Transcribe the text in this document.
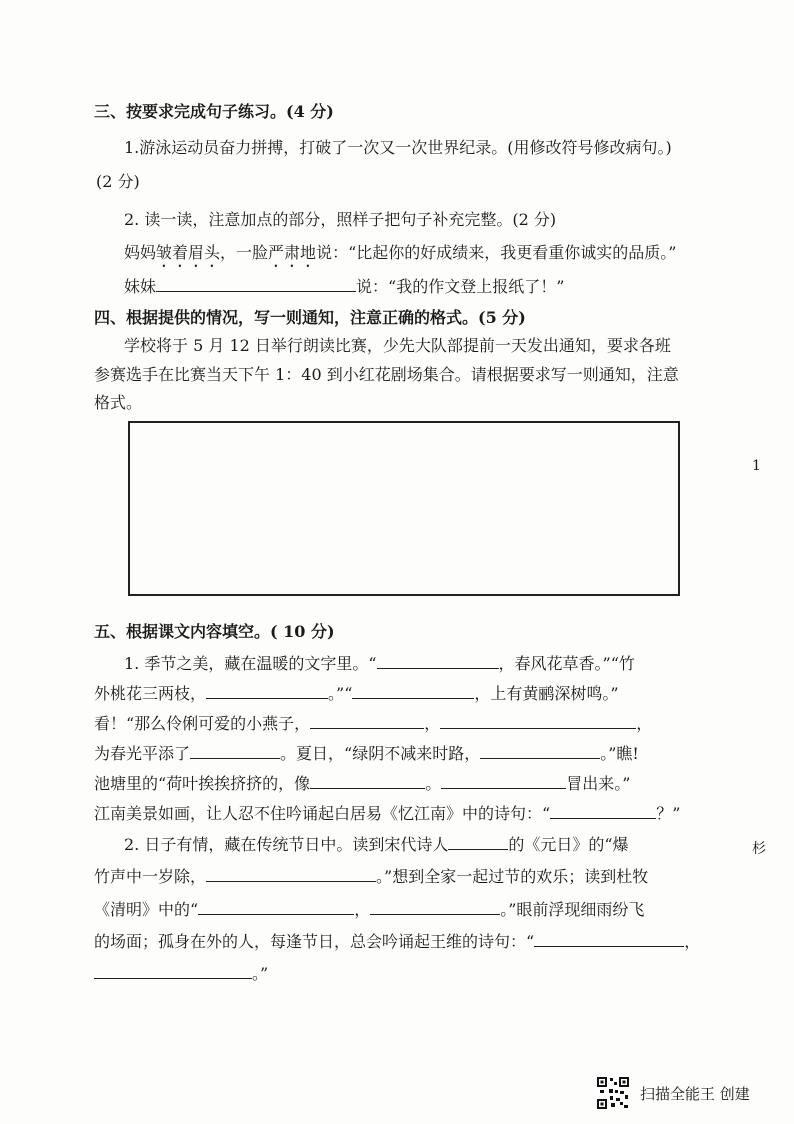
三、按要求完成句子练习。(4 分)
1.游泳运动员奋力拼搏，打破了一次又一次世界纪录。(用修改符号修改病句。)
(2 分)
2. 读一读，注意加点的部分，照样子把句子补充完整。(2 分)
妈妈皱着眉头，一脸严肃地说：“比起你的好成绩来，我更看重你诚实的品质。”
妹妹	说：“我的作文登上报纸了！”
四、根据提供的情况，写一则通知，注意正确的格式。(5 分)
学校将于 5 月 12 日举行朗读比赛，少先大队部提前一天发出通知，要求各班
参赛选手在比赛当天下午 1：40 到小红花剧场集合。请根据要求写一则通知，注意
格式。
五、根据课文内容填空。( 10 分)
1. 季节之美，藏在温暖的文字里。“	，春风花草香。”“竹
外桃花三两枝，	。”“	，上有黄鹂深树鸣。”
看！“那么伶俐可爱的小燕子，	，	，
为春光平添了	。夏日，“绿阴不减来时路，	。”瞧!
池塘里的“荷叶挨挨挤挤的，像	。	冒出来。”
江南美景如画，让人忍不住吟诵起白居易《忆江南》中的诗句：“	？”
2. 日子有情，藏在传统节日中。读到宋代诗人	的《元日》的“爆
竹声中一岁除，	。”想到全家一起过节的欢乐；读到杜牧
《清明》中的“	，	。”眼前浮现细雨纷飞
的场面；孤身在外的人，每逢节日，总会吟诵起王维的诗句：“	，
。”
1
杉
扫描全能王 创建
